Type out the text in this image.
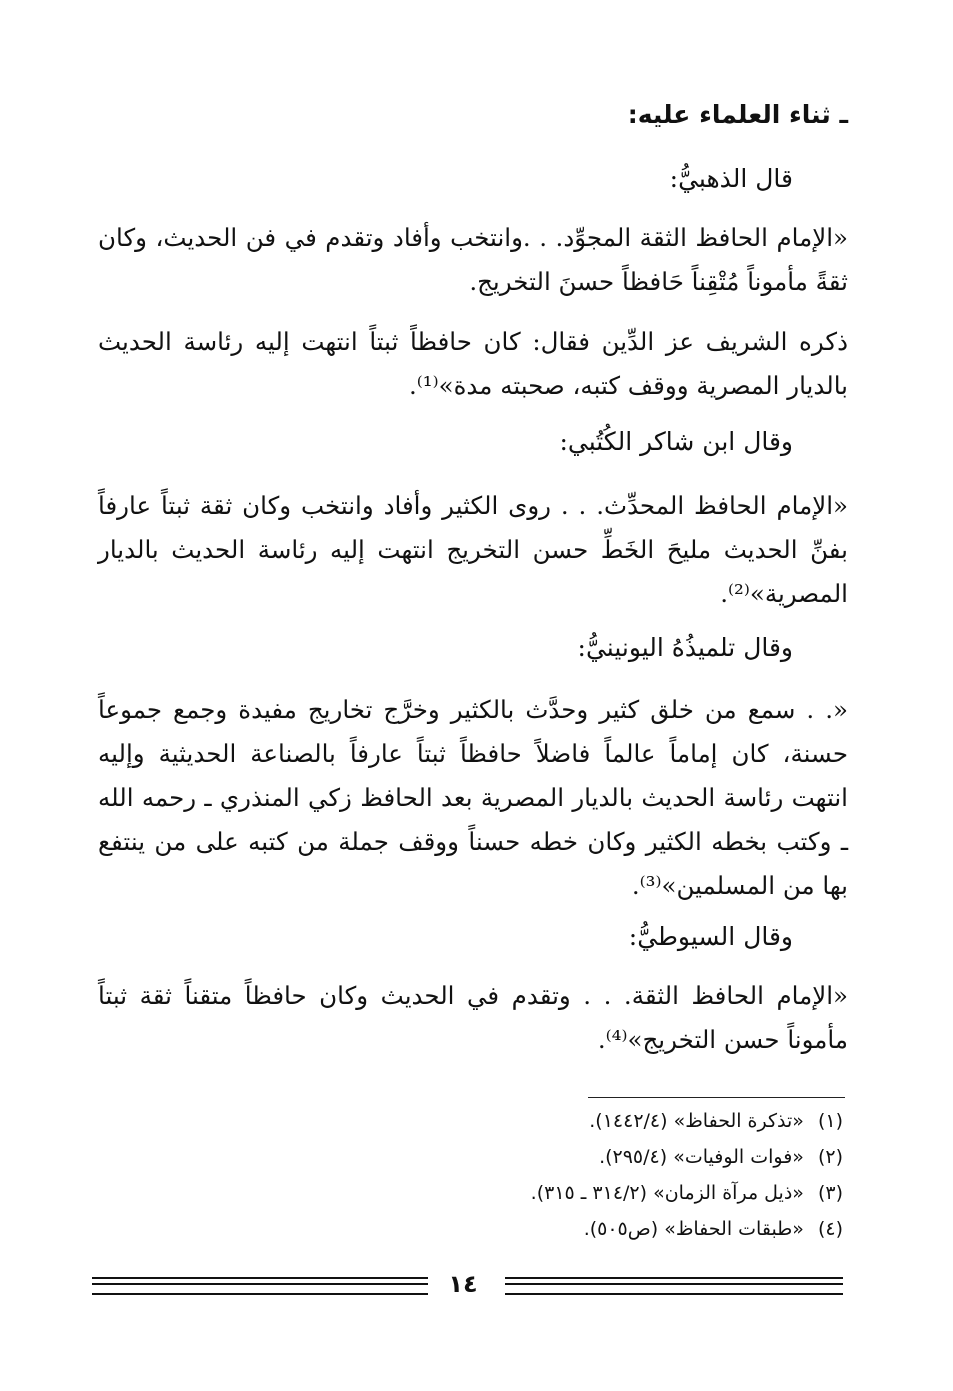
ـ ثناء العلماء عليه:
قال الذهبيُّ:
«الإمام الحافظ الثقة المجوِّد. . .وانتخب وأفاد وتقدم في فن الحديث، وكان ثقةً مأموناً مُتْقِناً حَافظاً حسنَ التخريج.
ذكره الشريف عز الدِّين فقال: كان حافظاً ثبتاً انتهت إليه رئاسة الحديث بالديار المصرية ووقف كتبه، صحبته مدة»⁽¹⁾.
وقال ابن شاكر الكُتُبي:
«الإمام الحافظ المحدِّث. . . روى الكثير وأفاد وانتخب وكان ثقة ثبتاً عارفاً بفنِّ الحديث مليحَ الخَطِّ حسن التخريج انتهت إليه رئاسة الحديث بالديار المصرية»⁽²⁾.
وقال تلميذُهُ اليونينيُّ:
«. . سمع من خلق كثير وحدَّث بالكثير وخرَّج تخاريج مفيدة وجمع جموعاً حسنة، كان إماماً عالماً فاضلاً حافظاً ثبتاً عارفاً بالصناعة الحديثية وإليه انتهت رئاسة الحديث بالديار المصرية بعد الحافظ زكي المنذري ـ رحمه الله ـ وكتب بخطه الكثير وكان خطه حسناً ووقف جملة من كتبه على من ينتفع بها من المسلمين»⁽³⁾.
وقال السيوطيُّ:
«الإمام الحافظ الثقة. . . وتقدم في الحديث وكان حافظاً متقناً ثقة ثبتاً مأموناً حسن التخريج»⁽⁴⁾.
(١)«تذكرة الحفاظ» (١٤٤٢/٤).
(٢)«فوات الوفيات» (٢٩٥/٤).
(٣)«ذيل مرآة الزمان» (٣١٤/٢ ـ ٣١٥).
(٤)«طبقات الحفاظ» (ص٥٠٥).
١٤
